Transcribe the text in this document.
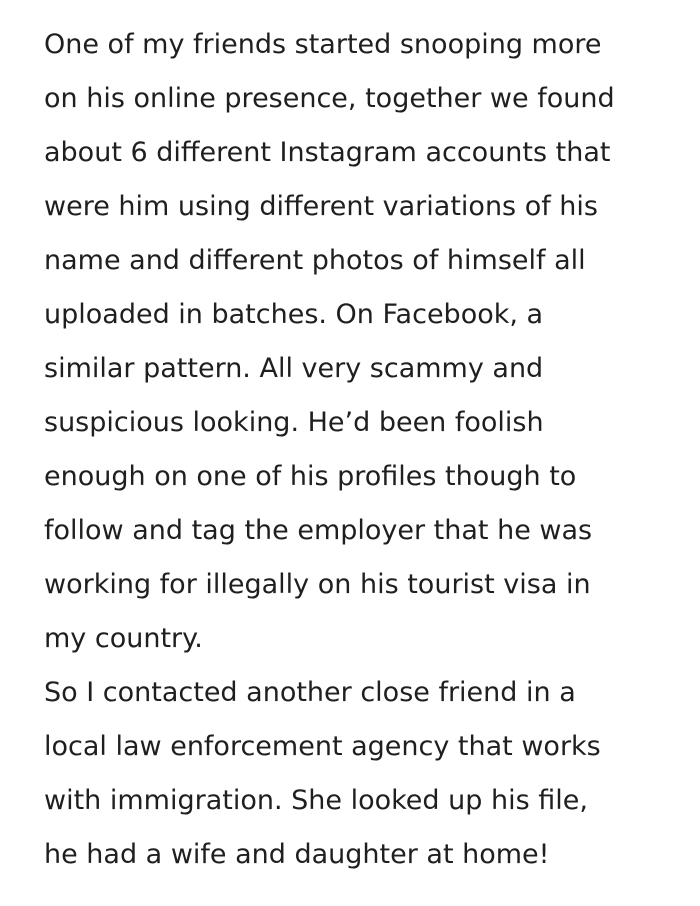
One of my friends started snooping more
on his online presence, together we found
about 6 different Instagram accounts that
were him using different variations of his
name and different photos of himself all
uploaded in batches. On Facebook, a
similar pattern. All very scammy and
suspicious looking. He’d been foolish
enough on one of his profiles though to
follow and tag the employer that he was
working for illegally on his tourist visa in
my country.
So I contacted another close friend in a
local law enforcement agency that works
with immigration. She looked up his file,
he had a wife and daughter at home!
